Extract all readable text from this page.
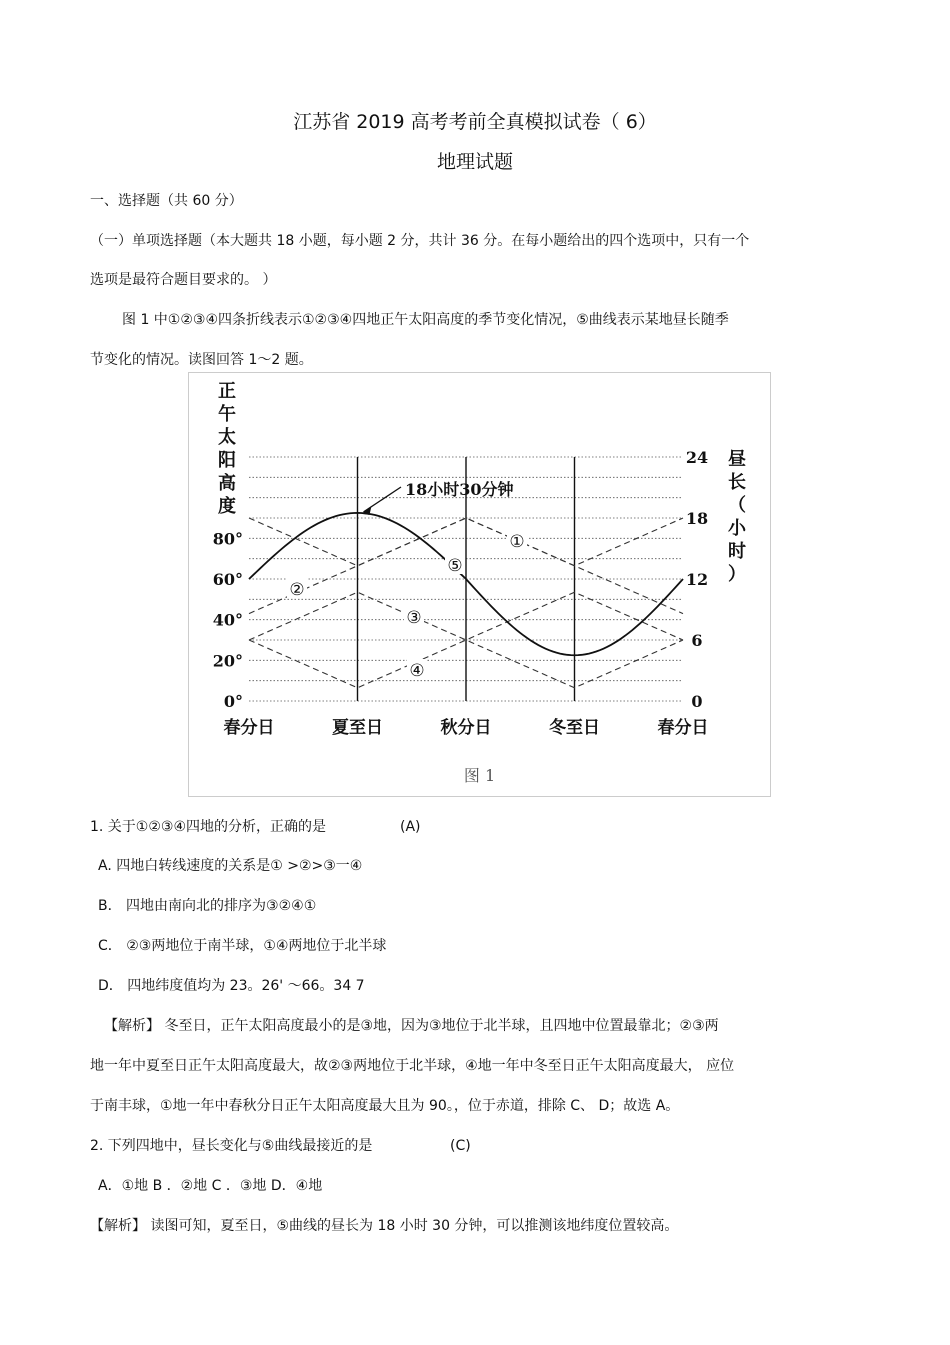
江苏省 2019 高考考前全真模拟试卷（ 6）
地理试题
一、选择题（共 60 分）
（一）单项选择题（本大题共 18 小题，每小题 2 分，共计 36 分。在每小题给出的四个选项中，只有一个
选项是最符合题目要求的。 ）
图 1 中①②③④四条折线表示①②③④四地正午太阳高度的季节变化情况，⑤曲线表示某地昼长随季
节变化的情况。读图回答 1～2 题。
正
午
太
阳
高
度
昼
长
（
小
时
）
80°
60°
40°
20°
0°
24
18
12
6
0
春分日	夏至日	秋分日	冬至日	春分日
18小时30分钟
①
②
③
④
⑤
图 1
1. 关于①②③④四地的分析，正确的是	(A)
A. 四地白转线速度的关系是① >②>③一④
B． 四地由南向北的排序为③②④①
C． ②③两地位于南半球，①④两地位于北半球
D． 四地纬度值均为 23。26' ～66。34 7
【解析】 冬至日，正午太阳高度最小的是③地，因为③地位于北半球，且四地中位置最靠北；②③两
地一年中夏至日正午太阳高度最大，故②③两地位于北半球，④地一年中冬至日正午太阳高度最大， 应位
于南丰球，①地一年中春秋分日正午太阳高度最大且为 90。，位于赤道，排除 C、 D；故选 A。
2. 下列四地中，昼长变化与⑤曲线最接近的是	(C)
A．①地 B ．②地 C ．③地 D．④地
【解析】 读图可知，夏至日，⑤曲线的昼长为 18 小时 30 分钟，可以推测该地纬度位置较高。
